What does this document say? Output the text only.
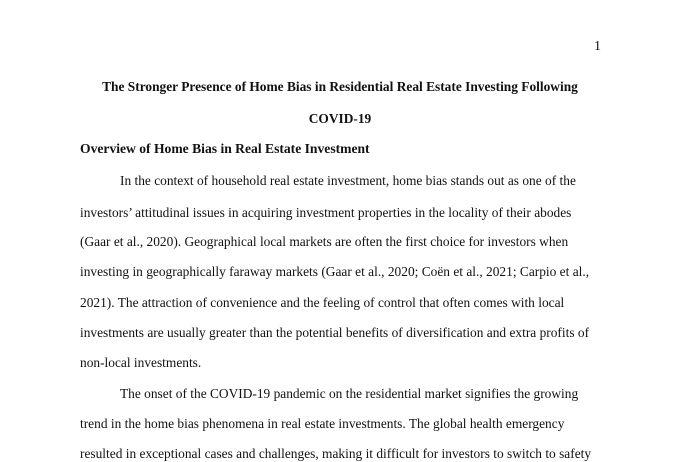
1
The Stronger Presence of Home Bias in Residential Real Estate Investing Following
COVID-19
Overview of Home Bias in Real Estate Investment
In the context of household real estate investment, home bias stands out as one of the
investors’ attitudinal issues in acquiring investment properties in the locality of their abodes
(Gaar et al., 2020). Geographical local markets are often the first choice for investors when
investing in geographically faraway markets (Gaar et al., 2020; Coën et al., 2021; Carpio et al.,
2021). The attraction of convenience and the feeling of control that often comes with local
investments are usually greater than the potential benefits of diversification and extra profits of
non-local investments.
The onset of the COVID-19 pandemic on the residential market signifies the growing
trend in the home bias phenomena in real estate investments. The global health emergency
resulted in exceptional cases and challenges, making it difficult for investors to switch to safety
